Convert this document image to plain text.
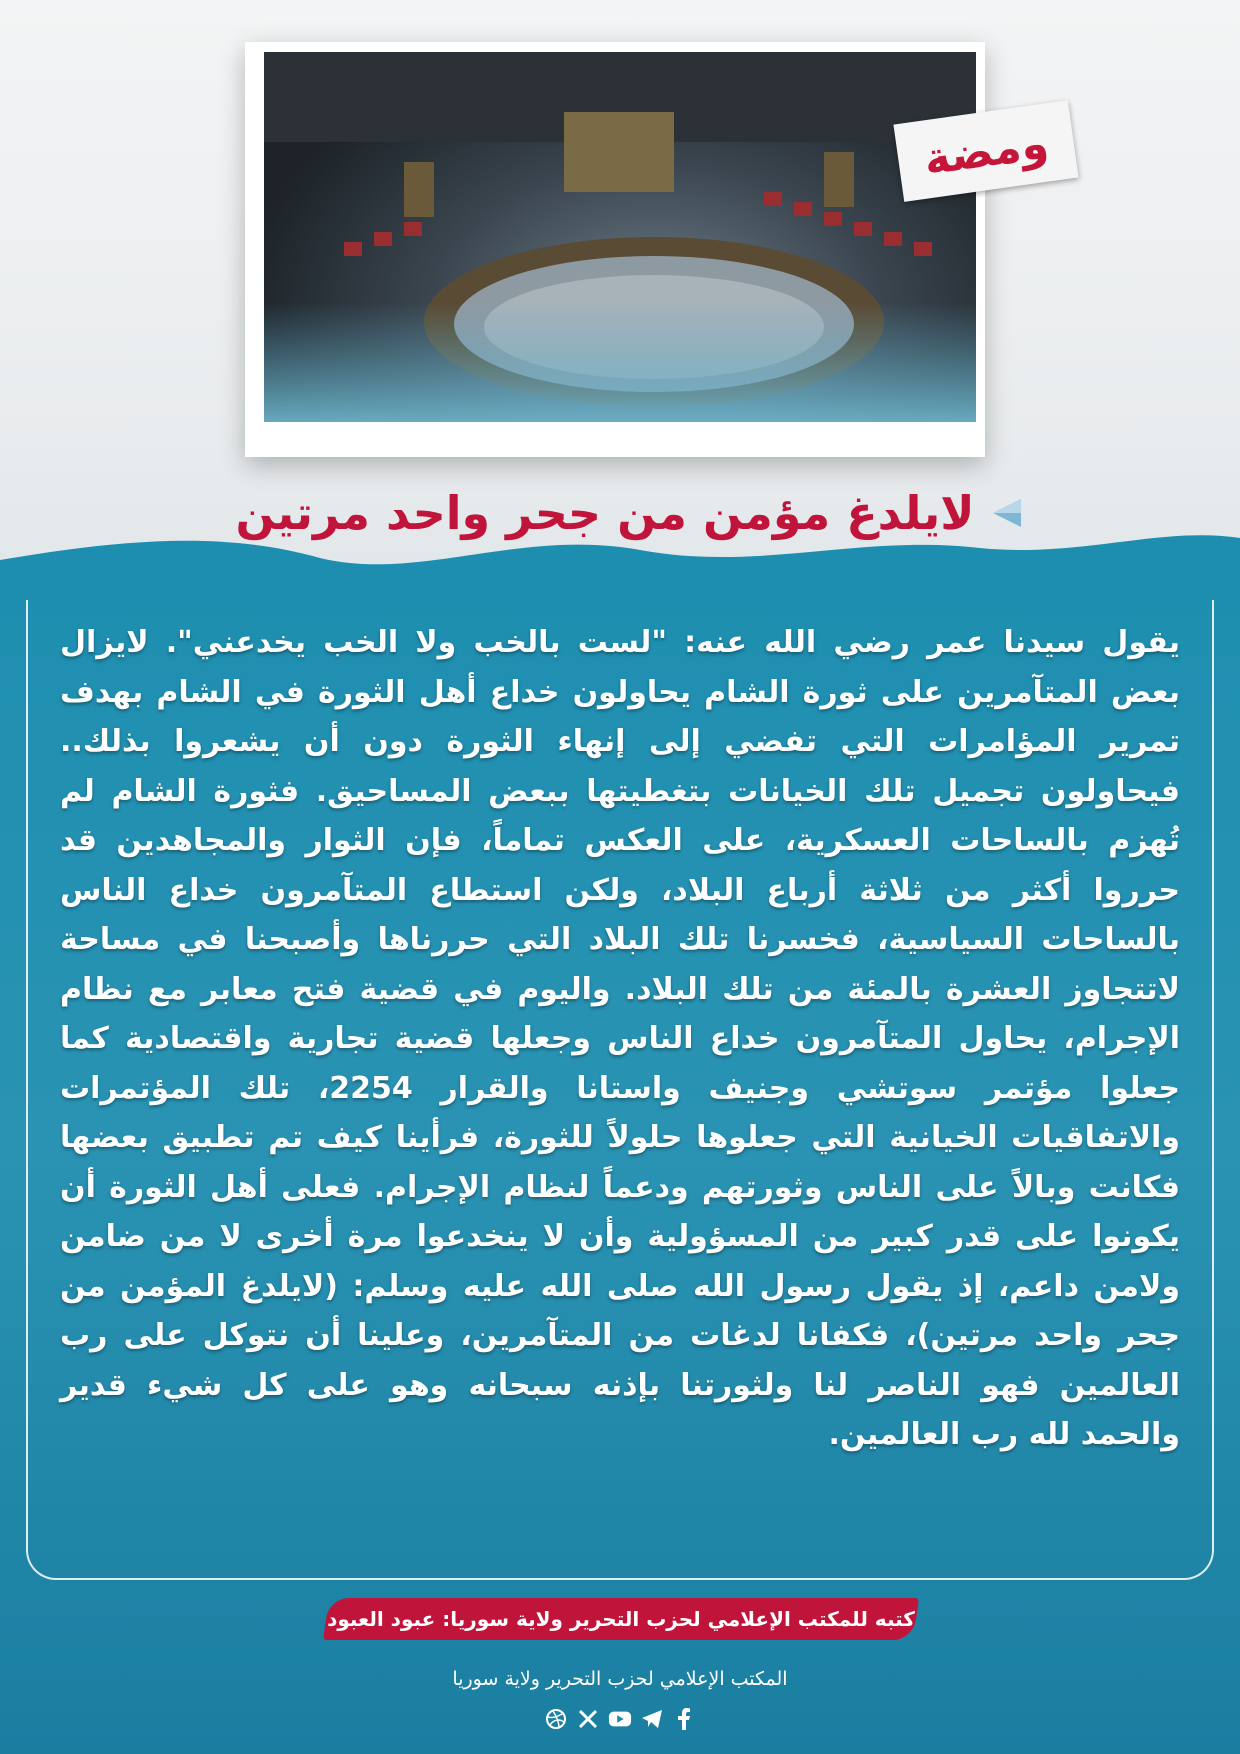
ومضة
لايلدغ مؤمن من جحر واحد مرتين

يقول سيدنا عمر رضي الله عنه: "لست بالخب ولا الخب يخدعني". لايزال بعض المتآمرين على ثورة الشام يحاولون خداع أهل الثورة في الشام بهدف تمرير المؤامرات التي تفضي إلى إنهاء الثورة دون أن يشعروا بذلك.. فيحاولون تجميل تلك الخيانات بتغطيتها ببعض المساحيق. فثورة الشام لم تُهزم بالساحات العسكرية، على العكس تماماً، فإن الثوار والمجاهدين قد حرروا أكثر من ثلاثة أرباع البلاد، ولكن استطاع المتآمرون خداع الناس بالساحات السياسية، فخسرنا تلك البلاد التي حررناها وأصبحنا في مساحة لاتتجاوز العشرة بالمئة من تلك البلاد. واليوم في قضية فتح معابر مع نظام الإجرام، يحاول المتآمرون خداع الناس وجعلها قضية تجارية واقتصادية كما جعلوا مؤتمر سوتشي وجنيف واستانا والقرار 2254، تلك المؤتمرات والاتفاقيات الخيانية التي جعلوها حلولاً للثورة، فرأينا كيف تم تطبيق بعضها فكانت وبالاً على الناس وثورتهم ودعماً لنظام الإجرام. فعلى أهل الثورة أن يكونوا على قدر كبير من المسؤولية وأن لا ينخدعوا مرة أخرى لا من ضامن ولامن داعم، إذ يقول رسول الله صلى الله عليه وسلم: (لايلدغ المؤمن من جحر واحد مرتين)، فكفانا لدغات من المتآمرين، وعلينا أن نتوكل على رب العالمين فهو الناصر لنا ولثورتنا بإذنه سبحانه وهو على كل شيء قدير والحمد لله رب العالمين.

كتبه للمكتب الإعلامي لحزب التحرير ولاية سوريا: عبود العبود
المكتب الإعلامي لحزب التحرير ولاية سوريا
